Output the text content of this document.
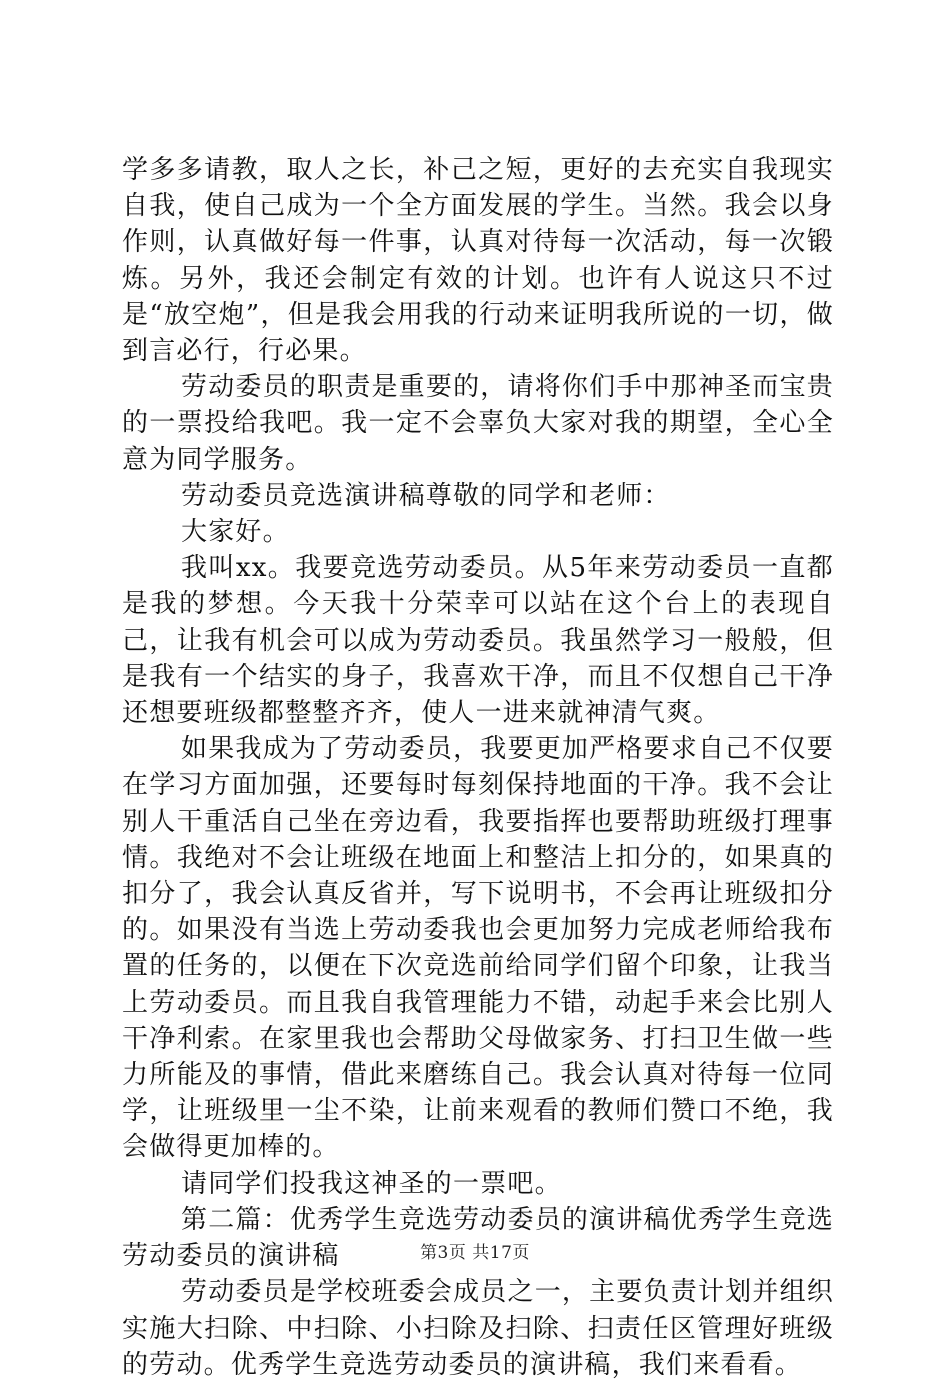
学多多请教，取人之长，补己之短，更好的去充实自我现实自我，使自己成为一个全方面发展的学生。当然。我会以身作则，认真做好每一件事，认真对待每一次活动，每一次锻炼。另外，我还会制定有效的计划。也许有人说这只不过是“放空炮”，但是我会用我的行动来证明我所说的一切，做到言必行，行必果。

劳动委员的职责是重要的，请将你们手中那神圣而宝贵的一票投给我吧。我一定不会辜负大家对我的期望，全心全意为同学服务。

劳动委员竞选演讲稿尊敬的同学和老师：

大家好。

我叫xx。我要竞选劳动委员。从5年来劳动委员一直都是我的梦想。今天我十分荣幸可以站在这个台上的表现自己，让我有机会可以成为劳动委员。我虽然学习一般般，但是我有一个结实的身子，我喜欢干净，而且不仅想自己干净还想要班级都整整齐齐，使人一进来就神清气爽。

如果我成为了劳动委员，我要更加严格要求自己不仅要在学习方面加强，还要每时每刻保持地面的干净。我不会让别人干重活自己坐在旁边看，我要指挥也要帮助班级打理事情。我绝对不会让班级在地面上和整洁上扣分的，如果真的扣分了，我会认真反省并，写下说明书，不会再让班级扣分的。如果没有当选上劳动委我也会更加努力完成老师给我布置的任务的，以便在下次竞选前给同学们留个印象，让我当上劳动委员。而且我自我管理能力不错，动起手来会比别人干净利索。在家里我也会帮助父母做家务、打扫卫生做一些力所能及的事情，借此来磨练自己。我会认真对待每一位同学，让班级里一尘不染，让前来观看的教师们赞口不绝，我会做得更加棒的。

请同学们投我这神圣的一票吧。

第二篇：优秀学生竞选劳动委员的演讲稿优秀学生竞选劳动委员的演讲稿

劳动委员是学校班委会成员之一，主要负责计划并组织实施大扫除、中扫除、小扫除及扫除、扫责任区管理好班级的劳动。优秀学生竞选劳动委员的演讲稿，我们来看看。

第3页 共17页
